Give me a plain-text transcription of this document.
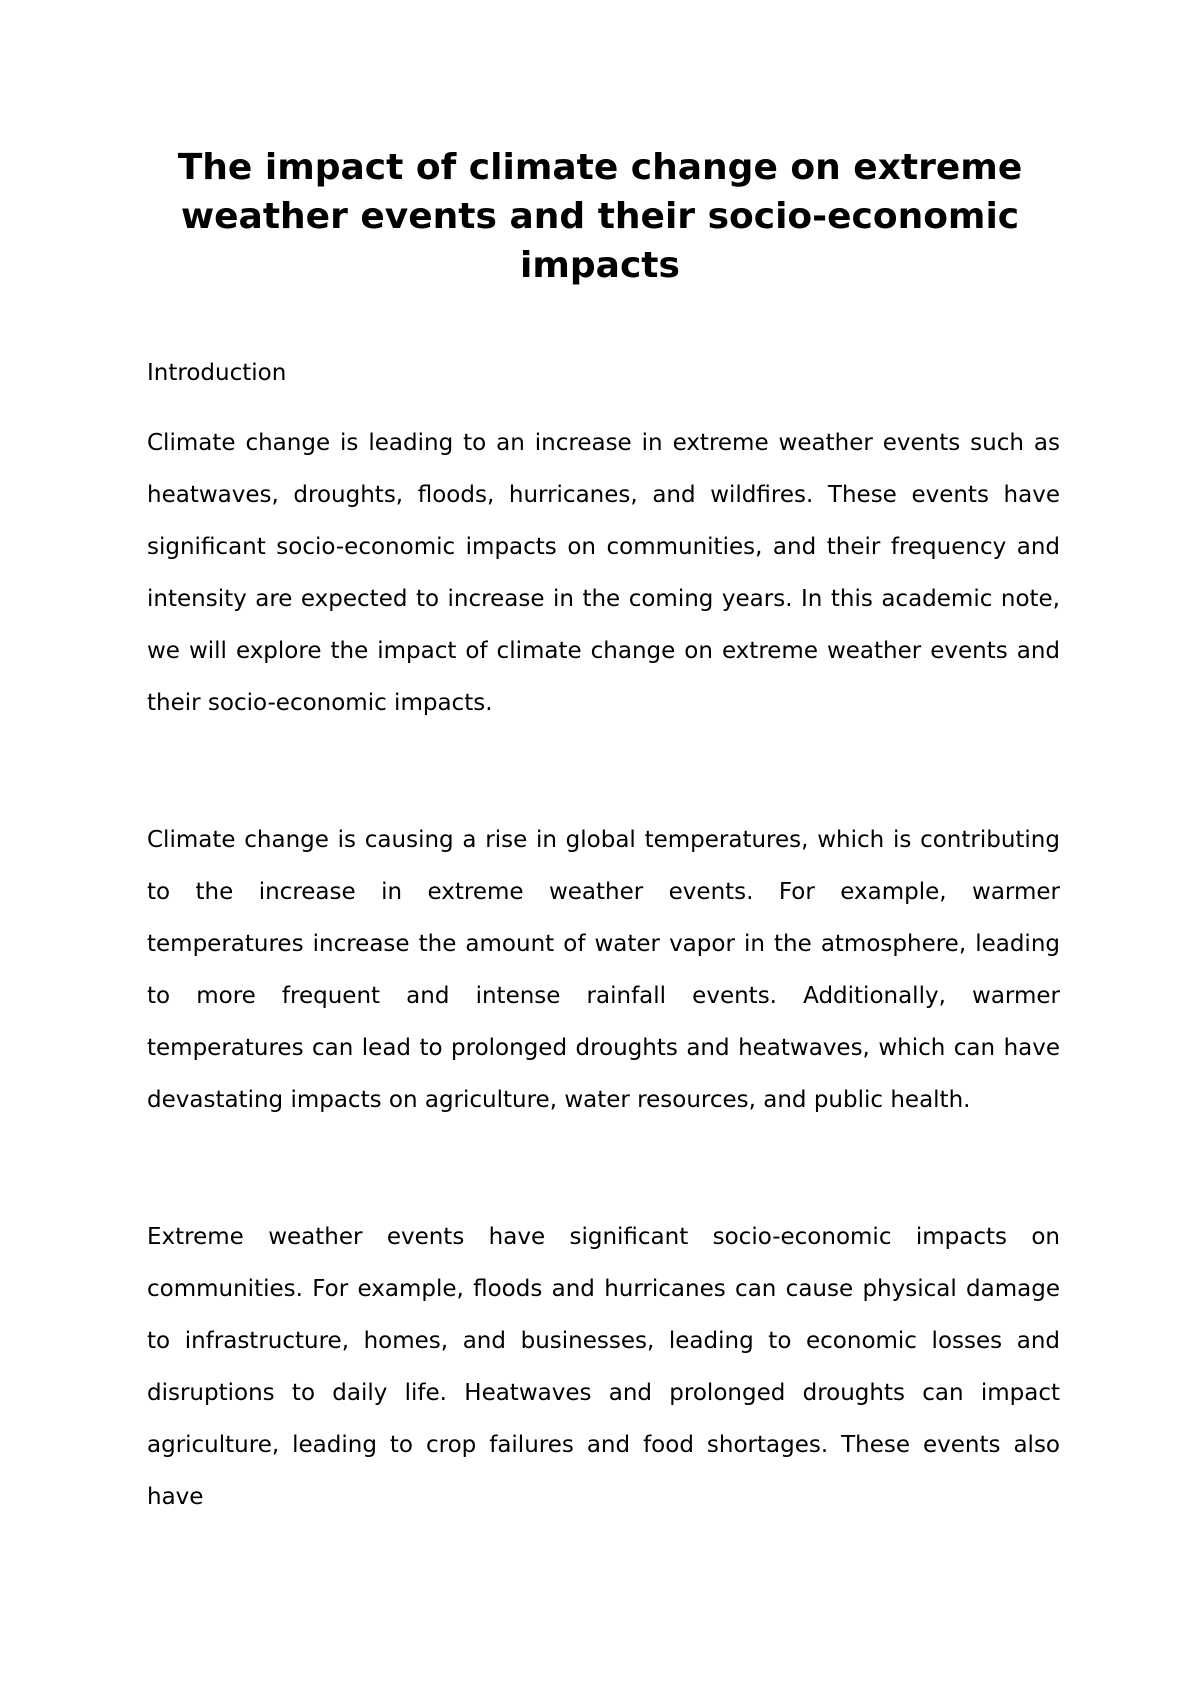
The impact of climate change on extreme weather events and their socio-economic impacts

Introduction

Climate change is leading to an increase in extreme weather events such as heatwaves, droughts, floods, hurricanes, and wildfires. These events have significant socio-economic impacts on communities, and their frequency and intensity are expected to increase in the coming years. In this academic note, we will explore the impact of climate change on extreme weather events and their socio-economic impacts.

Climate change is causing a rise in global temperatures, which is contributing to the increase in extreme weather events. For example, warmer temperatures increase the amount of water vapor in the atmosphere, leading to more frequent and intense rainfall events. Additionally, warmer temperatures can lead to prolonged droughts and heatwaves, which can have devastating impacts on agriculture, water resources, and public health.

Extreme weather events have significant socio-economic impacts on communities. For example, floods and hurricanes can cause physical damage to infrastructure, homes, and businesses, leading to economic losses and disruptions to daily life. Heatwaves and prolonged droughts can impact agriculture, leading to crop failures and food shortages. These events also have
